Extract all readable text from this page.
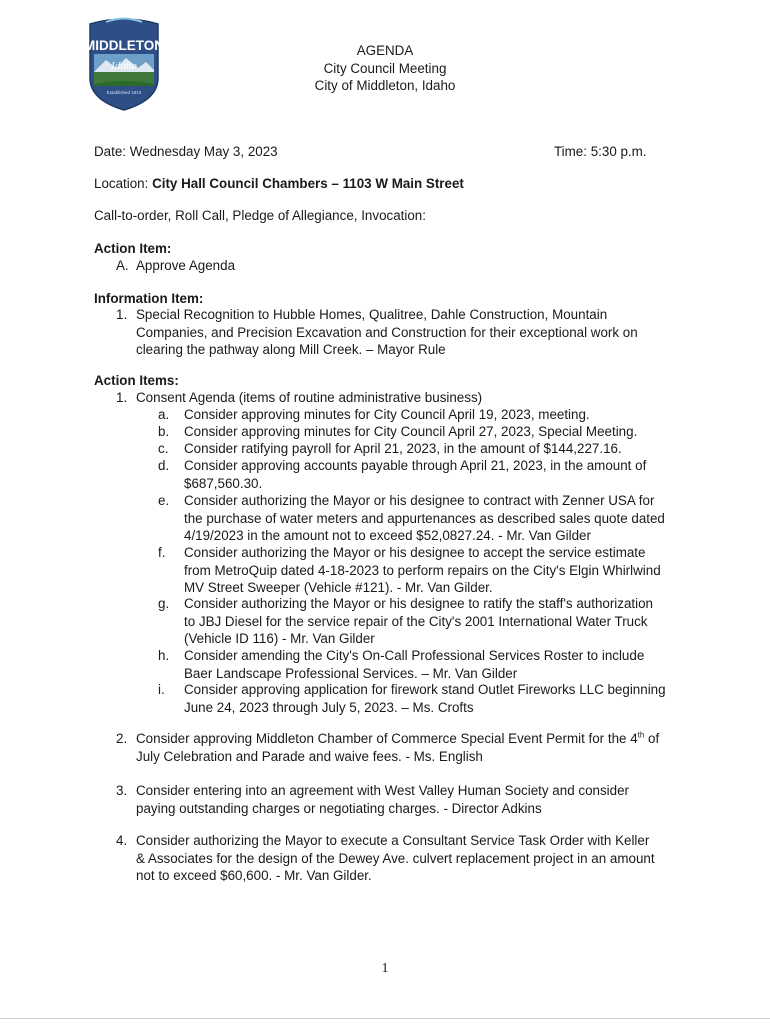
MIDDLETON
Idaho
Established 1910
AGENDA
City Council Meeting
City of Middleton, Idaho
Date: Wednesday May 3, 2023	Time: 5:30 p.m.
Location: City Hall Council Chambers – 1103 W Main Street
Call-to-order, Roll Call, Pledge of Allegiance, Invocation:
Action Item:
A. Approve Agenda
Information Item:
1. Special Recognition to Hubble Homes, Qualitree, Dahle Construction, Mountain
Companies, and Precision Excavation and Construction for their exceptional work on
clearing the pathway along Mill Creek. – Mayor Rule
Action Items:
1. Consent Agenda (items of routine administrative business)
a. Consider approving minutes for City Council April 19, 2023, meeting.
b. Consider approving minutes for City Council April 27, 2023, Special Meeting.
c. Consider ratifying payroll for April 21, 2023, in the amount of $144,227.16.
d. Consider approving accounts payable through April 21, 2023, in the amount of
$687,560.30.
e. Consider authorizing the Mayor or his designee to contract with Zenner USA for
the purchase of water meters and appurtenances as described sales quote dated
4/19/2023 in the amount not to exceed $52,0827.24. - Mr. Van Gilder
f. Consider authorizing the Mayor or his designee to accept the service estimate
from MetroQuip dated 4-18-2023 to perform repairs on the City's Elgin Whirlwind
MV Street Sweeper (Vehicle #121). - Mr. Van Gilder.
g. Consider authorizing the Mayor or his designee to ratify the staff's authorization
to JBJ Diesel for the service repair of the City's 2001 International Water Truck
(Vehicle ID 116) - Mr. Van Gilder
h. Consider amending the City's On-Call Professional Services Roster to include
Baer Landscape Professional Services. – Mr. Van Gilder
i. Consider approving application for firework stand Outlet Fireworks LLC beginning
June 24, 2023 through July 5, 2023. – Ms. Crofts
2. Consider approving Middleton Chamber of Commerce Special Event Permit for the 4th of
July Celebration and Parade and waive fees. - Ms. English
3. Consider entering into an agreement with West Valley Human Society and consider
paying outstanding charges or negotiating charges. - Director Adkins
4. Consider authorizing the Mayor to execute a Consultant Service Task Order with Keller
& Associates for the design of the Dewey Ave. culvert replacement project in an amount
not to exceed $60,600. - Mr. Van Gilder.
1
